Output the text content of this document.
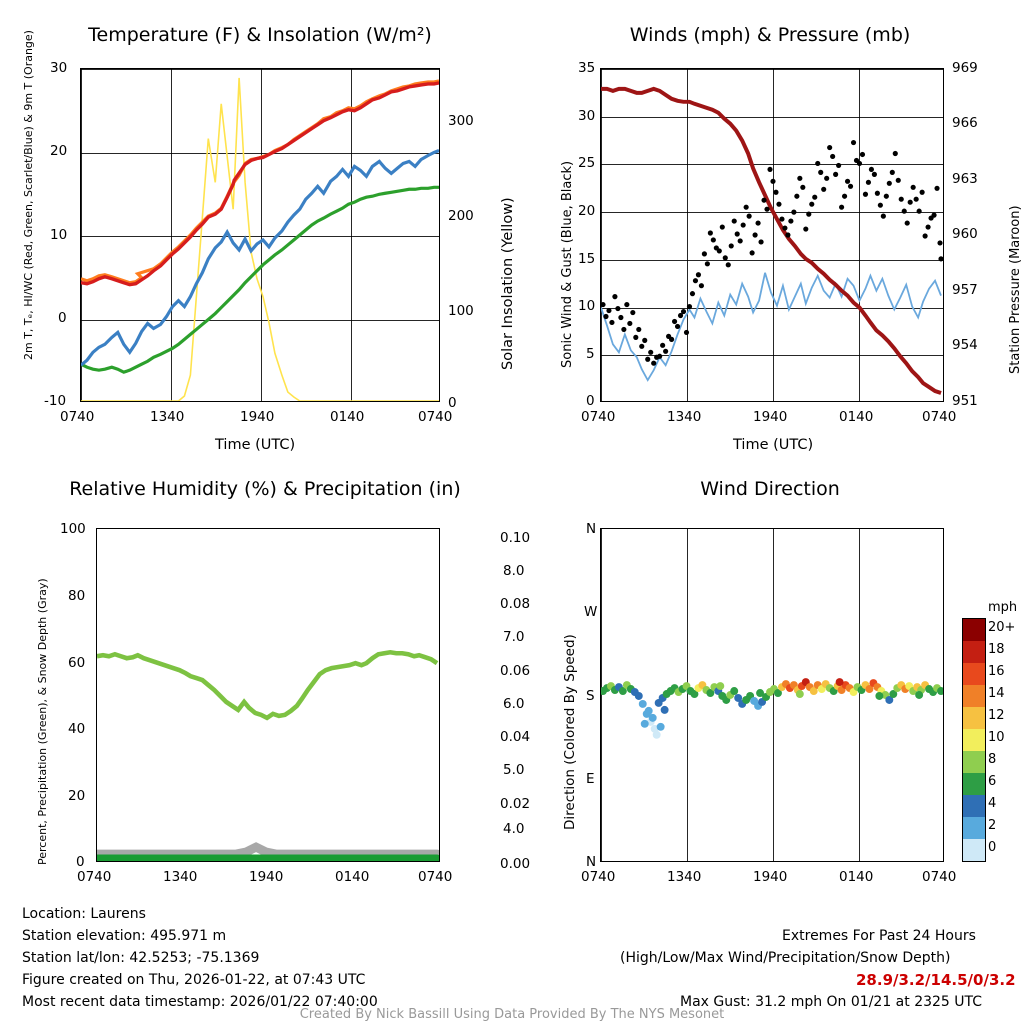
Temperature (F) & Insolation (W/m²)
2m T, Tₑ, HI/WC (Red, Green, Scarlet/Blue) & 9m T (Orange)	Solar Insolation (Yellow)
Time (UTC)
30
20
10
0
-10
300
200
100
0
0740	1340	1940	0140	0740
Winds (mph) & Pressure (mb)
Sonic Wind & Gust (Blue, Black)	Station Pressure (Maroon)
Time (UTC)
35
30
25
20
15
10
5
0
969
966
963
960
957
954
951
0740	1340	1940	0140	0740
Relative Humidity (%) & Precipitation (in)
Percent, Precipitation (Green), & Snow Depth (Gray)
100
80
60
40
20
0
0.10
0.08
0.06
0.04
0.02
0.00
8.0
7.0
6.0
5.0
4.0
0740	1340	1940	0140	0740
Wind Direction
Direction (Colored By Speed)
N
W
S
E
N
0740	1340	1940	0140	0740
mph
20+
18
16
14
12
10
8
6
4
2
0
Location: Laurens
Station elevation: 495.971 m
Station lat/lon: 42.5253; -75.1369
Figure created on Thu, 2026-01-22, at 07:43 UTC
Most recent data timestamp: 2026/01/22 07:40:00
Extremes For Past 24 Hours
(High/Low/Max Wind/Precipitation/Snow Depth)
28.9/3.2/14.5/0/3.2
Max Gust: 31.2 mph On 01/21 at 2325 UTC
Created By Nick Bassill Using Data Provided By The NYS Mesonet
